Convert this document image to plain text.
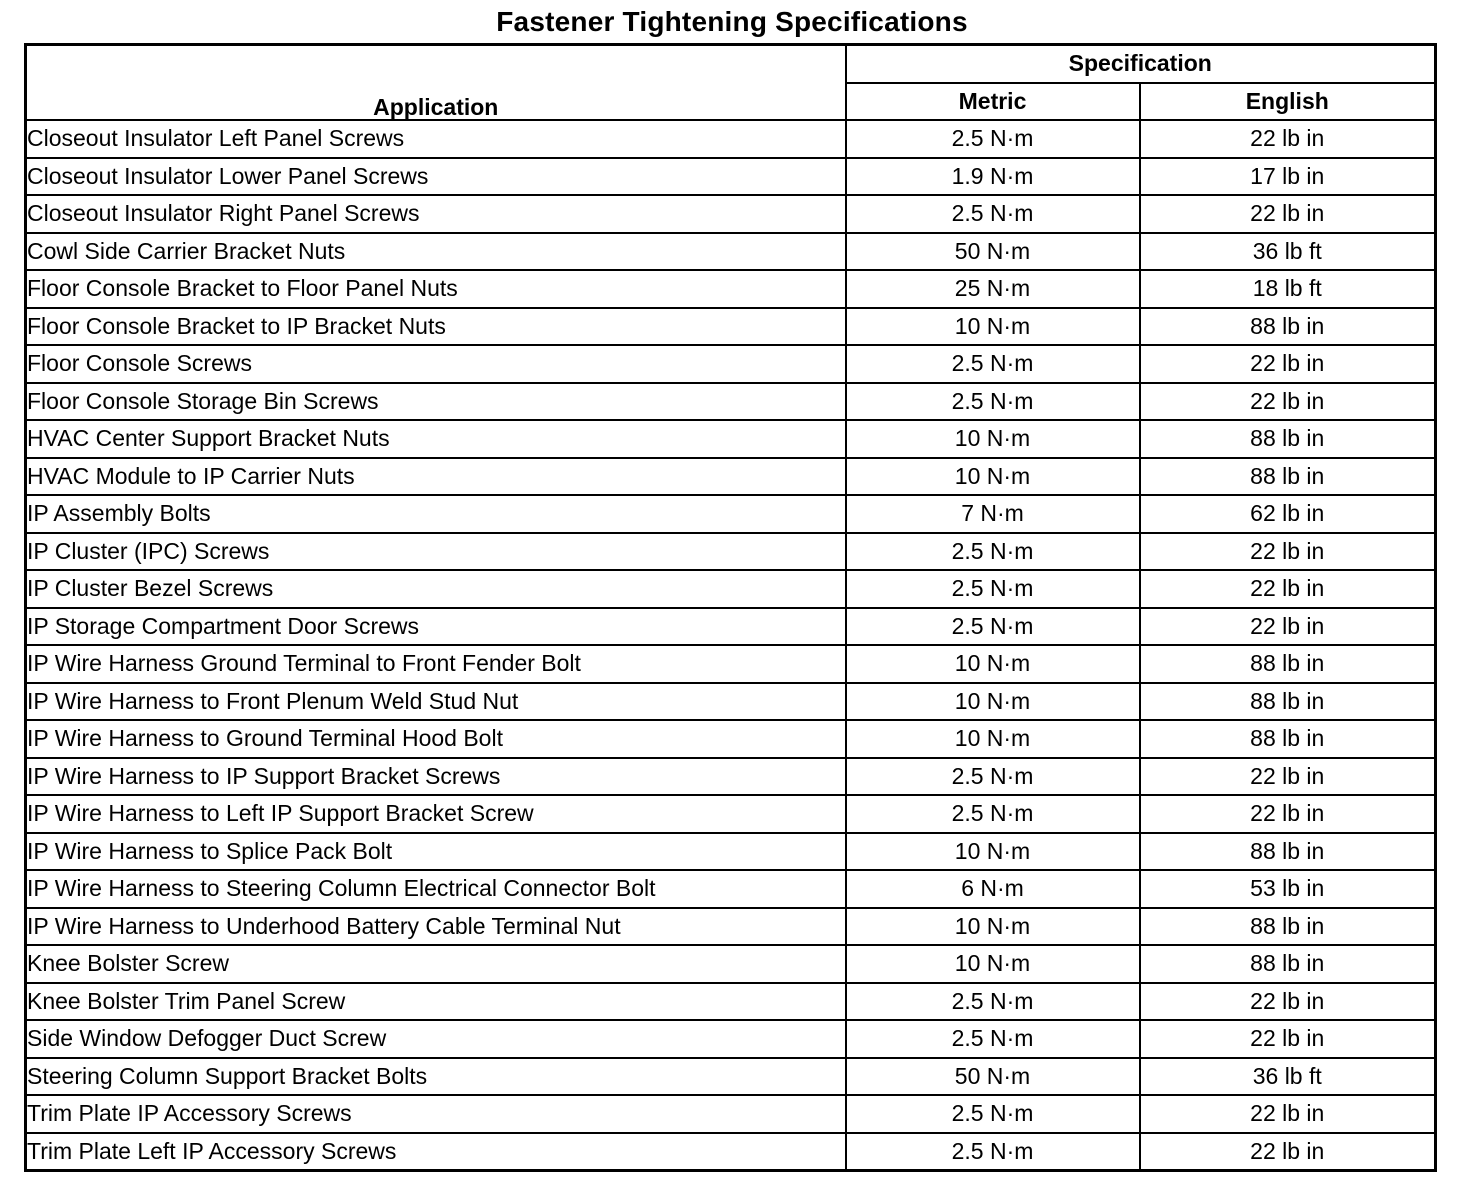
Fastener Tightening Specifications
Application	Specification	
	Metric	English
Closeout Insulator Left Panel Screws	2.5 N·m	22 lb in
Closeout Insulator Lower Panel Screws	1.9 N·m	17 lb in
Closeout Insulator Right Panel Screws	2.5 N·m	22 lb in
Cowl Side Carrier Bracket Nuts	50 N·m	36 lb ft
Floor Console Bracket to Floor Panel Nuts	25 N·m	18 lb ft
Floor Console Bracket to IP Bracket Nuts	10 N·m	88 lb in
Floor Console Screws	2.5 N·m	22 lb in
Floor Console Storage Bin Screws	2.5 N·m	22 lb in
HVAC Center Support Bracket Nuts	10 N·m	88 lb in
HVAC Module to IP Carrier Nuts	10 N·m	88 lb in
IP Assembly Bolts	7 N·m	62 lb in
IP Cluster (IPC) Screws	2.5 N·m	22 lb in
IP Cluster Bezel Screws	2.5 N·m	22 lb in
IP Storage Compartment Door Screws	2.5 N·m	22 lb in
IP Wire Harness Ground Terminal to Front Fender Bolt	10 N·m	88 lb in
IP Wire Harness to Front Plenum Weld Stud Nut	10 N·m	88 lb in
IP Wire Harness to Ground Terminal Hood Bolt	10 N·m	88 lb in
IP Wire Harness to IP Support Bracket Screws	2.5 N·m	22 lb in
IP Wire Harness to Left IP Support Bracket Screw	2.5 N·m	22 lb in
IP Wire Harness to Splice Pack Bolt	10 N·m	88 lb in
IP Wire Harness to Steering Column Electrical Connector Bolt	6 N·m	53 lb in
IP Wire Harness to Underhood Battery Cable Terminal Nut	10 N·m	88 lb in
Knee Bolster Screw	10 N·m	88 lb in
Knee Bolster Trim Panel Screw	2.5 N·m	22 lb in
Side Window Defogger Duct Screw	2.5 N·m	22 lb in
Steering Column Support Bracket Bolts	50 N·m	36 lb ft
Trim Plate IP Accessory Screws	2.5 N·m	22 lb in
Trim Plate Left IP Accessory Screws	2.5 N·m	22 lb in
